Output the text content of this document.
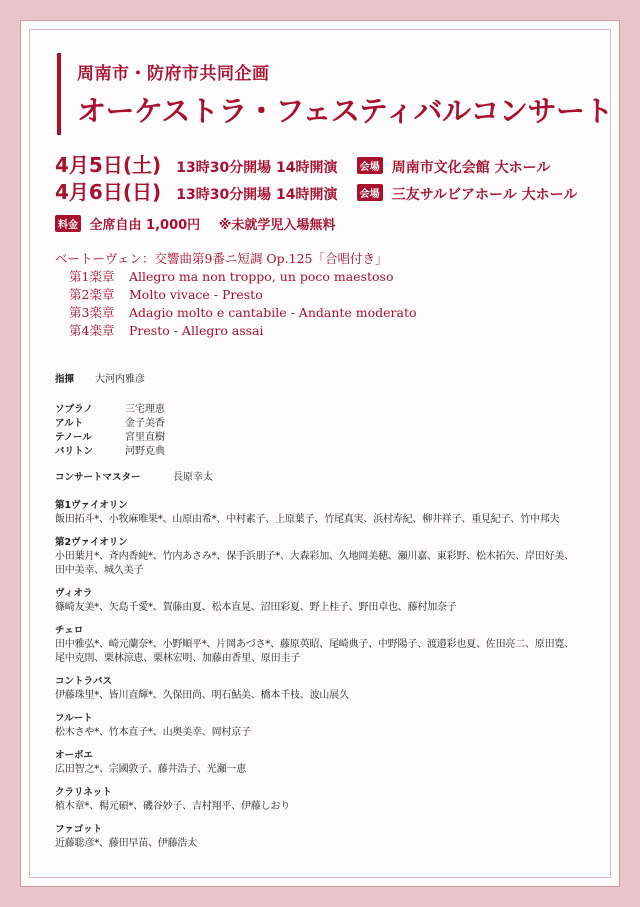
周南市・防府市共同企画
オーケストラ・フェスティバルコンサート
4月5日(土) 13時30分開場 14時開演 会場 周南市文化会館 大ホール
4月6日(日) 13時30分開場 14時開演 会場 三友サルビアホール 大ホール
料金 全席自由 1,000円 ※未就学児入場無料
ベートーヴェン：交響曲第9番ニ短調 Op.125「合唱付き」
第1楽章 Allegro ma non troppo, un poco maestoso
第2楽章 Molto vivace - Presto
第3楽章 Adagio molto e cantabile - Andante moderato
第4楽章 Presto - Allegro assai
指揮 大河内雅彦
ソプラノ	三宅理恵
アルト	金子美香
テノール	宮里直樹
バリトン	河野克典
コンサートマスター	長原幸太
第1ヴァイオリン
飯田拓斗*、小牧麻唯果*、山原由希*、中村素子、上原葉子、竹尾真実、浜村寿紀、柳井祥子、重見紀子、竹中邦夫
第2ヴァイオリン
小田葉月*、斉内香純*、竹内あさみ*、保手浜朋子*、大森彩加、久地岡美穂、瀬川嘉、東彩野、松木拓矢、岸田好美、
田中美幸、城久美子
ヴィオラ
篠崎友美*、矢島千愛*、賀藤由夏、松本直晃、沼田彩夏、野上桂子、野田卓也、藤村加奈子
チェロ
田中雅弘*、崎元蘭奈*、小野順平*、片岡あづさ*、藤原英昭、尾崎典子、中野陽子、渡邉彩也夏、佐田亮二、原田寛、
尾中克則、栗林涼恵、栗林宏明、加藤由香里、原田圭子
コントラバス
伊藤珠里*、皆川直輝*、久保田尚、明石鮎美、橋本千枝、波山展久
フルート
松木さや*、竹本直子*、山奥美幸、岡村京子
オーボエ
広田智之*、宗國敦子、藤井浩子、光瀬一恵
クラリネット
植木章*、楊元碩*、磯谷妙子、吉村翔平、伊藤しおり
ファゴット
近藤聡彦*、藤田早苗、伊藤浩太
